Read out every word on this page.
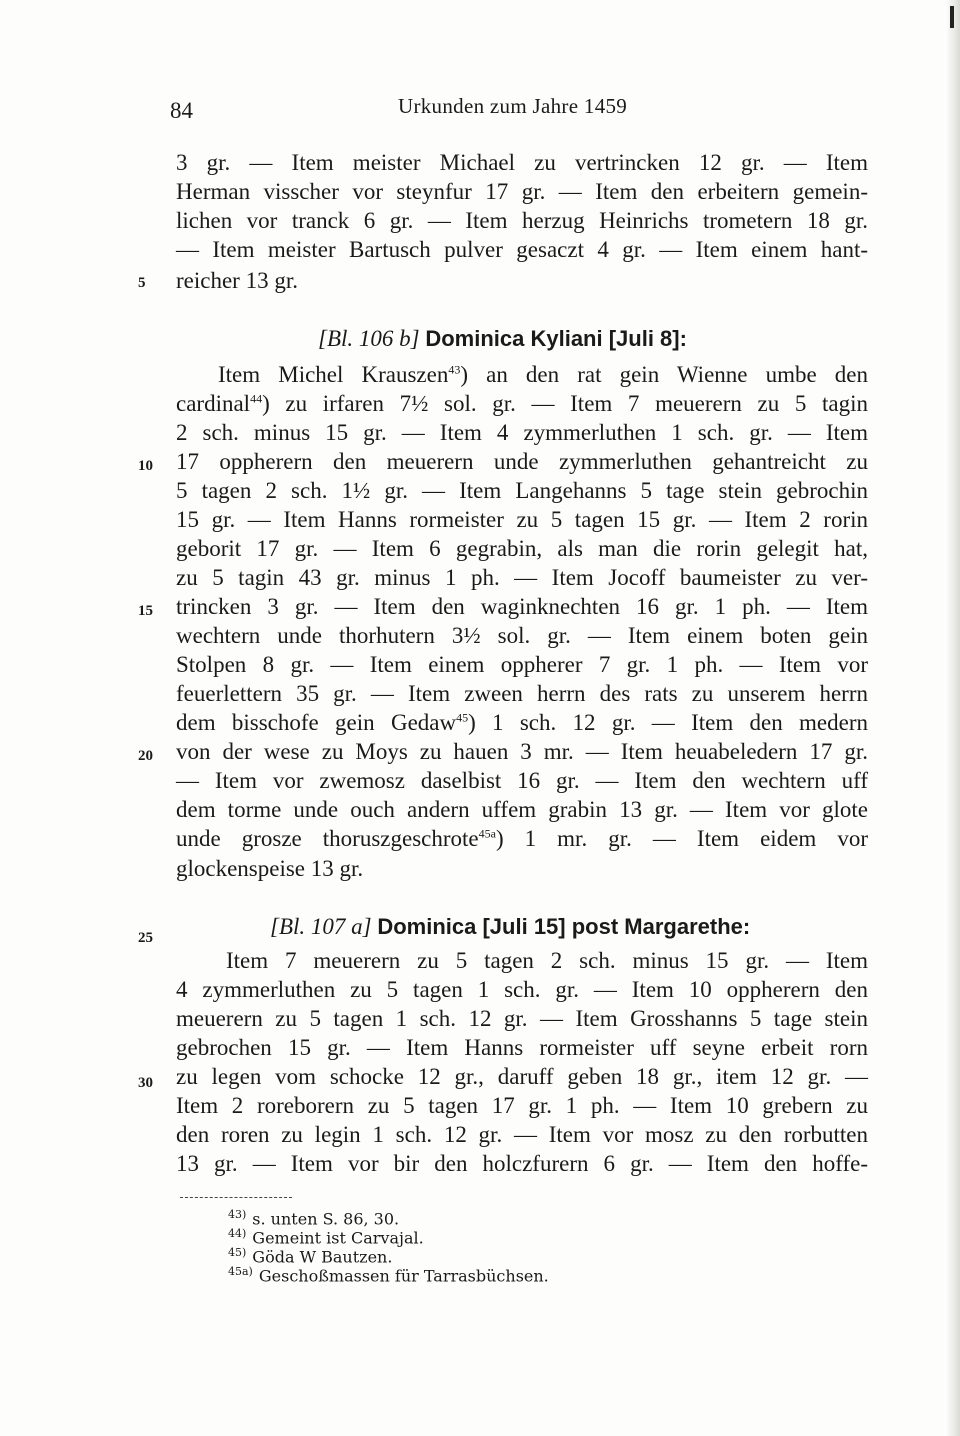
84	Urkunden zum Jahre 1459
3 gr. — Item meister Michael zu vertrincken 12 gr. — Item
Herman visscher vor steynfur 17 gr. — Item den erbeitern gemein-
lichen vor tranck 6 gr. — Item herzug Heinrichs trometern 18 gr.
— Item meister Bartusch pulver gesaczt 4 gr. — Item einem hant-
reicher 13 gr.
5
[Bl. 106 b] Dominica Kyliani [Juli 8]:
Item Michel Krauszen$^{43}$) an den rat gein Wienne umbe den
cardinal$^{44}$) zu irfaren 7½ sol. gr. — Item 7 meuerern zu 5 tagin
2 sch. minus 15 gr. — Item 4 zymmerluthen 1 sch. gr. — Item
17 oppherern den meuerern unde zymmerluthen gehantreicht zu
5 tagen 2 sch. 1½ gr. — Item Langehanns 5 tage stein gebrochin
15 gr. — Item Hanns rormeister zu 5 tagen 15 gr. — Item 2 rorin
geborit 17 gr. — Item 6 gegrabin, als man die rorin gelegit hat,
zu 5 tagin 43 gr. minus 1 ph. — Item Jocoff baumeister zu ver-
trincken 3 gr. — Item den waginknechten 16 gr. 1 ph. — Item
wechtern unde thorhutern 3½ sol. gr. — Item einem boten gein
Stolpen 8 gr. — Item einem oppherer 7 gr. 1 ph. — Item vor
feuerlettern 35 gr. — Item zween herrn des rats zu unserem herrn
dem bisschofe gein Gedaw$^{45}$) 1 sch. 12 gr. — Item den medern
von der wese zu Moys zu hauen 3 mr. — Item heuabeledern 17 gr.
— Item vor zwemosz daselbist 16 gr. — Item den wechtern uff
dem torme unde ouch andern uffem grabin 13 gr. — Item vor glote
unde grosze thoruszgeschrote$^{45a}$) 1 mr. gr. — Item eidem vor
glockenspeise 13 gr.
10
15
20
[Bl. 107 a] Dominica [Juli 15] post Margarethe:
25
Item 7 meuerern zu 5 tagen 2 sch. minus 15 gr. — Item
4 zymmerluthen zu 5 tagen 1 sch. gr. — Item 10 oppherern den
meuerern zu 5 tagen 1 sch. 12 gr. — Item Grosshanns 5 tage stein
gebrochen 15 gr. — Item Hanns rormeister uff seyne erbeit rorn
zu legen vom schocke 12 gr., daruff geben 18 gr., item 12 gr. —
Item 2 roreborern zu 5 tagen 17 gr. 1 ph. — Item 10 grebern zu
den roren zu legin 1 sch. 12 gr. — Item vor mosz zu den rorbutten
13 gr. — Item vor bir den holczfurern 6 gr. — Item den hoffe-
30
$^{43)}$ s. unten S. 86, 30.
$^{44)}$ Gemeint ist Carvajal.
$^{45)}$ Göda W Bautzen.
$^{45a)}$ Geschoßmassen für Tarrasbüchsen.
